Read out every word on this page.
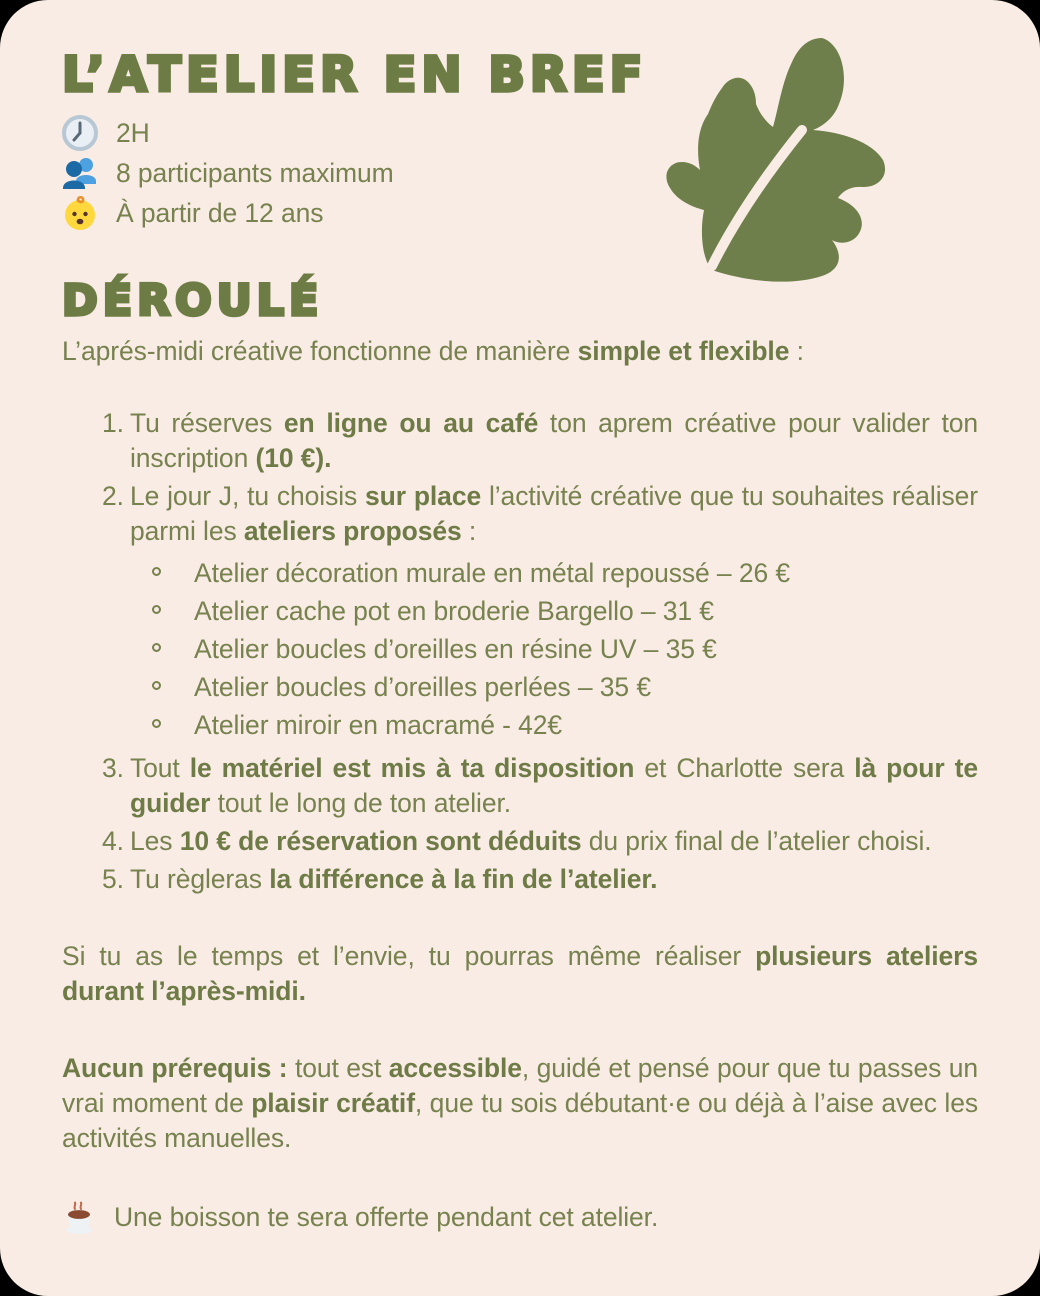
L’ATELIER EN BREF
2H
8 participants maximum
À partir de 12 ans
DÉROULÉ

L’aprés-midi créative fonctionne de manière simple et flexible :

1. Tu réserves en ligne ou au café ton aprem créative pour valider ton inscription (10 €).
2. Le jour J, tu choisis sur place l’activité créative que tu souhaites réaliser parmi les ateliers proposés :
Atelier décoration murale en métal repoussé – 26 €
Atelier cache pot en broderie Bargello – 31 €
Atelier boucles d’oreilles en résine UV – 35 €
Atelier boucles d’oreilles perlées – 35 €
Atelier miroir en macramé - 42€
3. Tout le matériel est mis à ta disposition et Charlotte sera là pour te guider tout le long de ton atelier.
4. Les 10 € de réservation sont déduits du prix final de l’atelier choisi.
5. Tu règleras la différence à la fin de l’atelier.

Si tu as le temps et l’envie, tu pourras même réaliser plusieurs ateliers durant l’après-midi.

Aucun prérequis : tout est accessible, guidé et pensé pour que tu passes un vrai moment de plaisir créatif, que tu sois débutant·e ou déjà à l’aise avec les activités manuelles.

Une boisson te sera offerte pendant cet atelier.
